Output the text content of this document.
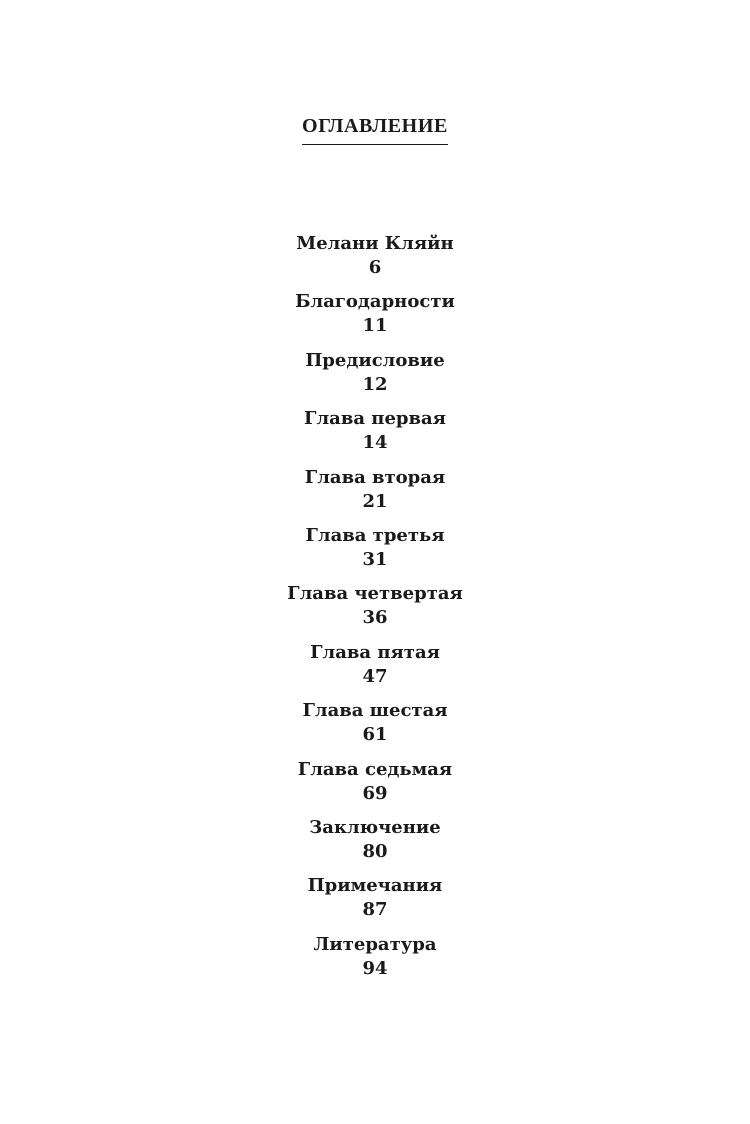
ОГЛАВЛЕНИЕ
Мелани Кляйн
6
Благодарности
11
Предисловие
12
Глава первая
14
Глава вторая
21
Глава третья
31
Глава четвертая
36
Глава пятая
47
Глава шестая
61
Глава седьмая
69
Заключение
80
Примечания
87
Литература
94
